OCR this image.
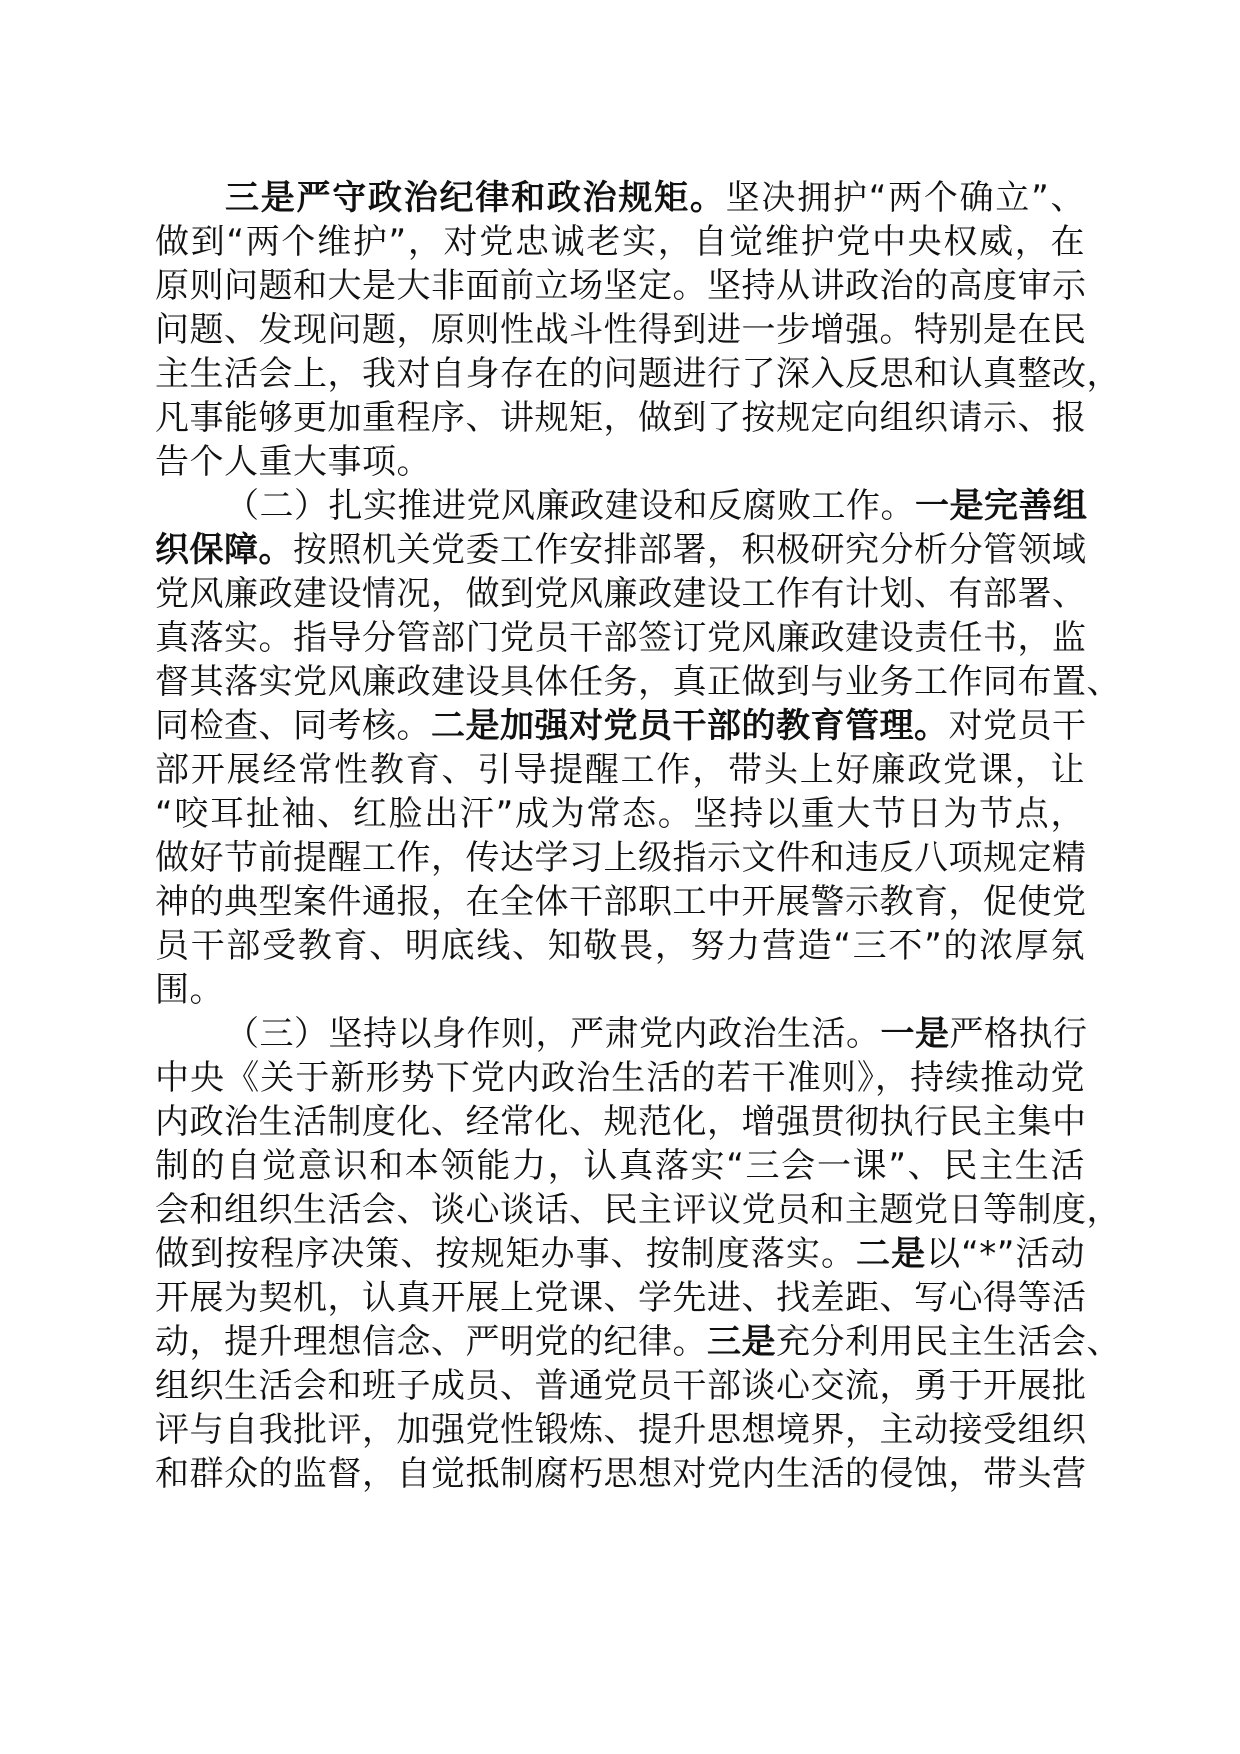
三是严守政治纪律和政治规矩。坚决拥护“两个确立”、
做到“两个维护”，对党忠诚老实，自觉维护党中央权威，在
原则问题和大是大非面前立场坚定。坚持从讲政治的高度审示
问题、发现问题，原则性战斗性得到进一步增强。特别是在民
主生活会上，我对自身存在的问题进行了深入反思和认真整改，
凡事能够更加重程序、讲规矩，做到了按规定向组织请示、报
告个人重大事项。
（二）扎实推进党风廉政建设和反腐败工作。一是完善组
织保障。按照机关党委工作安排部署，积极研究分析分管领域
党风廉政建设情况，做到党风廉政建设工作有计划、有部署、
真落实。指导分管部门党员干部签订党风廉政建设责任书，监
督其落实党风廉政建设具体任务，真正做到与业务工作同布置、
同检查、同考核。二是加强对党员干部的教育管理。对党员干
部开展经常性教育、引导提醒工作，带头上好廉政党课，让
“咬耳扯袖、红脸出汗”成为常态。坚持以重大节日为节点，
做好节前提醒工作，传达学习上级指示文件和违反八项规定精
神的典型案件通报，在全体干部职工中开展警示教育，促使党
员干部受教育、明底线、知敬畏，努力营造“三不”的浓厚氛
围。
（三）坚持以身作则，严肃党内政治生活。一是严格执行
中央《关于新形势下党内政治生活的若干准则》，持续推动党
内政治生活制度化、经常化、规范化，增强贯彻执行民主集中
制的自觉意识和本领能力，认真落实“三会一课”、民主生活
会和组织生活会、谈心谈话、民主评议党员和主题党日等制度，
做到按程序决策、按规矩办事、按制度落实。二是以“*”活动
开展为契机，认真开展上党课、学先进、找差距、写心得等活
动，提升理想信念、严明党的纪律。三是充分利用民主生活会、
组织生活会和班子成员、普通党员干部谈心交流，勇于开展批
评与自我批评，加强党性锻炼、提升思想境界，主动接受组织
和群众的监督，自觉抵制腐朽思想对党内生活的侵蚀，带头营
